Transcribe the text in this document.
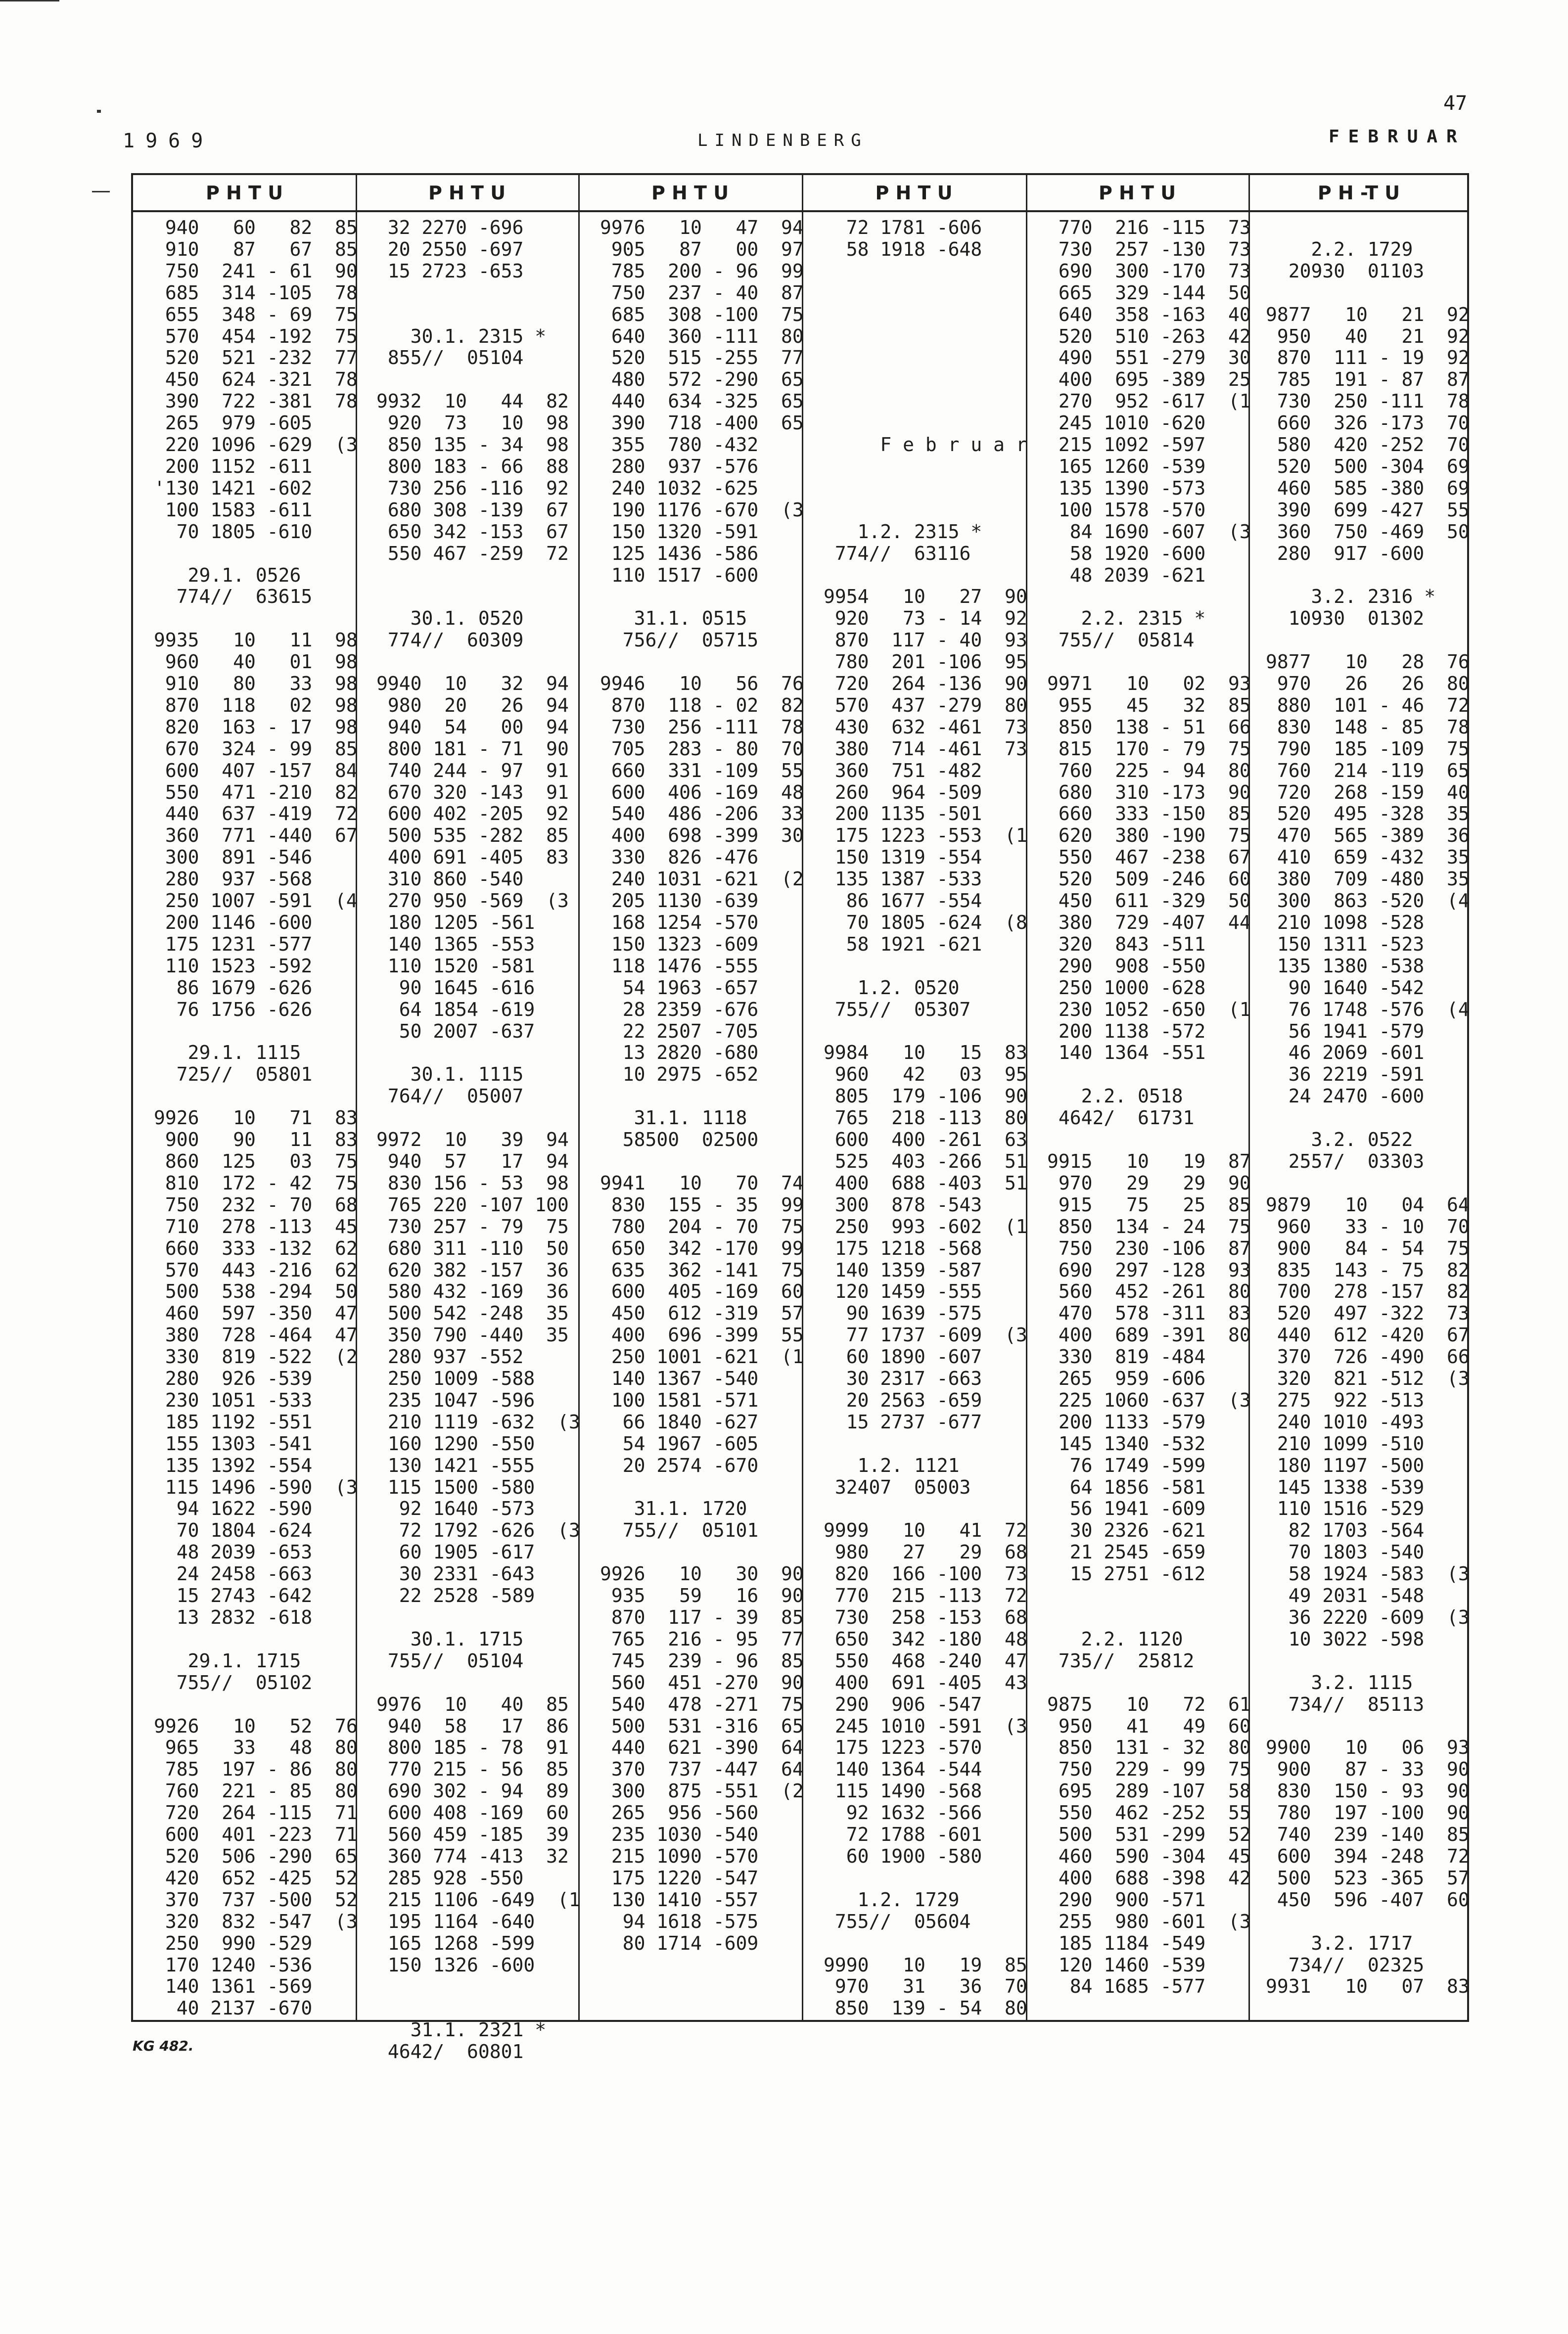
47
1969	LINDENBERG	FEBRUAR
P H T U	P H T U	P H T U	P H T U	P H T U	P H -T U
940   60   82  85
910   87   67  85
750  241 - 61  90
685  314 -105  78
655  348 - 69  75
570  454 -192  75
520  521 -232  77
450  624 -321  78
390  722 -381  78
265  979 -605
220 1096 -629  (3
200 1152 -611
'130 1421 -602
100 1583 -611
70 1805 -610

29.1. 0526
774//  63615

9935   10   11  98
960   40   01  98
910   80   33  98
870  118   02  98
820  163 - 17  98
670  324 - 99  85
600  407 -157  84
550  471 -210  82
440  637 -419  72
360  771 -440  67
300  891 -546
280  937 -568
250 1007 -591  (4
200 1146 -600
175 1231 -577
110 1523 -592
86 1679 -626
76 1756 -626

29.1. 1115
725//  05801

9926   10   71  83
900   90   11  83
860  125   03  75
810  172 - 42  75
750  232 - 70  68
710  278 -113  45
660  333 -132  62
570  443 -216  62
500  538 -294  50
460  597 -350  47
380  728 -464  47
330  819 -522  (2
280  926 -539
230 1051 -533
185 1192 -551
155 1303 -541
135 1392 -554
115 1496 -590  (3
94 1622 -590
70 1804 -624
48 2039 -653
24 2458 -663
15 2743 -642
13 2832 -618

29.1. 1715
755//  05102

9926   10   52  76
965   33   48  80
785  197 - 86  80
760  221 - 85  80
720  264 -115  71
600  401 -223  71
520  506 -290  65
420  652 -425  52
370  737 -500  52
320  832 -547  (3
250  990 -529
170 1240 -536
140 1361 -569
40 2137 -670
32 2270 -696
20 2550 -697
15 2723 -653

30.1. 2315 *
855//  05104

9932  10   44  82
920  73   10  98
850 135 - 34  98
800 183 - 66  88
730 256 -116  92
680 308 -139  67
650 342 -153  67
550 467 -259  72

30.1. 0520
774//  60309

9940  10   32  94
980  20   26  94
940  54   00  94
800 181 - 71  90
740 244 - 97  91
670 320 -143  91
600 402 -205  92
500 535 -282  85
400 691 -405  83
310 860 -540
270 950 -569  (3
180 1205 -561
140 1365 -553
110 1520 -581
90 1645 -616
64 1854 -619
50 2007 -637

30.1. 1115
764//  05007

9972  10   39  94
940  57   17  94
830 156 - 53  98
765 220 -107 100
730 257 - 79  75
680 311 -110  50
620 382 -157  36
580 432 -169  36
500 542 -248  35
350 790 -440  35
280 937 -552
250 1009 -588
235 1047 -596
210 1119 -632  (3
160 1290 -550
130 1421 -555
115 1500 -580
92 1640 -573
72 1792 -626  (3
60 1905 -617
30 2331 -643
22 2528 -589

30.1. 1715
755//  05104

9976  10   40  85
940  58   17  86
800 185 - 78  91
770 215 - 56  85
690 302 - 94  89
600 408 -169  60
560 459 -185  39
360 774 -413  32
285 928 -550
215 1106 -649  (1
195 1164 -640
165 1268 -599
150 1326 -600

31.1. 2321 *
4642/  60801
9976   10   47  94
905   87   00  97
785  200 - 96  99
750  237 - 40  87
685  308 -100  75
640  360 -111  80
520  515 -255  77
480  572 -290  65
440  634 -325  65
390  718 -400  65
355  780 -432
280  937 -576
240 1032 -625
190 1176 -670  (3
150 1320 -591
125 1436 -586
110 1517 -600

31.1. 0515
756//  05715

9946   10   56  76
870  118 - 02  82
730  256 -111  78
705  283 - 80  70
660  331 -109  55
600  406 -169  48
540  486 -206  33
400  698 -399  30
330  826 -476
240 1031 -621  (2
205 1130 -639
168 1254 -570
150 1323 -609
118 1476 -555
54 1963 -657
28 2359 -676
22 2507 -705
13 2820 -680
10 2975 -652

31.1. 1118
58500  02500

9941   10   70  74
830  155 - 35  99
780  204 - 70  75
650  342 -170  99
635  362 -141  75
600  405 -169  60
450  612 -319  57
400  696 -399  55
250 1001 -621  (1
140 1367 -540
100 1581 -571
66 1840 -627
54 1967 -605
20 2574 -670

31.1. 1720
755//  05101

9926   10   30  90
935   59   16  90
870  117 - 39  85
765  216 - 95  77
745  239 - 96  85
560  451 -270  90
540  478 -271  75
500  531 -316  65
440  621 -390  64
370  737 -447  64
300  875 -551  (2
265  956 -560
235 1030 -540
215 1090 -570
175 1220 -547
130 1410 -557
94 1618 -575
80 1714 -609
72 1781 -606
58 1918 -648

F e b r u a r

1.2. 2315 *
774//  63116

9954   10   27  90
920   73 - 14  92
870  117 - 40  93
780  201 -106  95
720  264 -136  90
570  437 -279  80
430  632 -461  73
380  714 -461  73
360  751 -482
260  964 -509
200 1135 -501
175 1223 -553  (1
150 1319 -554
135 1387 -533
86 1677 -554
70 1805 -624  (8
58 1921 -621

1.2. 0520
755//  05307

9984   10   15  83
960   42   03  95
805  179 -106  90
765  218 -113  80
600  400 -261  63
525  403 -266  51
400  688 -403  51
300  878 -543
250  993 -602  (1
175 1218 -568
140 1359 -587
120 1459 -555
90 1639 -575
77 1737 -609  (3
60 1890 -607
30 2317 -663
20 2563 -659
15 2737 -677

1.2. 1121
32407  05003

9999   10   41  72
980   27   29  68
820  166 -100  73
770  215 -113  72
730  258 -153  68
650  342 -180  48
550  468 -240  47
400  691 -405  43
290  906 -547
245 1010 -591  (3
175 1223 -570
140 1364 -544
115 1490 -568
92 1632 -566
72 1788 -601
60 1900 -580

1.2. 1729
755//  05604

9990   10   19  85
970   31   36  70
850  139 - 54  80
770  216 -115  73
730  257 -130  73
690  300 -170  73
665  329 -144  50
640  358 -163  40
520  510 -263  42
490  551 -279  30
400  695 -389  25
270  952 -617  (1
245 1010 -620
215 1092 -597
165 1260 -539
135 1390 -573
100 1578 -570
84 1690 -607  (3
58 1920 -600
48 2039 -621

2.2. 2315 *
755//  05814

9971   10   02  93
955   45   32  85
850  138 - 51  66
815  170 - 79  75
760  225 - 94  80
680  310 -173  90
660  333 -150  85
620  380 -190  75
550  467 -238  67
520  509 -246  60
450  611 -329  50
380  729 -407  44
320  843 -511
290  908 -550
250 1000 -628
230 1052 -650  (1
200 1138 -572
140 1364 -551

2.2. 0518
4642/  61731

9915   10   19  87
970   29   29  90
915   75   25  85
850  134 - 24  75
750  230 -106  87
690  297 -128  93
560  452 -261  80
470  578 -311  83
400  689 -391  80
330  819 -484
265  959 -606
225 1060 -637  (3
200 1133 -579
145 1340 -532
76 1749 -599
64 1856 -581
56 1941 -609
30 2326 -621
21 2545 -659
15 2751 -612

2.2. 1120
735//  25812

9875   10   72  61
950   41   49  60
850  131 - 32  80
750  229 - 99  75
695  289 -107  58
550  462 -252  55
500  531 -299  52
460  590 -304  45
400  688 -398  42
290  900 -571
255  980 -601  (3
185 1184 -549
120 1460 -539
84 1685 -577

2.2. 1729
20930  01103

9877   10   21  92
950   40   21  92
870  111 - 19  92
785  191 - 87  87
730  250 -111  78
660  326 -173  70
580  420 -252  70
520  500 -304  69
460  585 -380  69
390  699 -427  55
360  750 -469  50
280  917 -600

3.2. 2316 *
10930  01302

9877   10   28  76
970   26   26  80
880  101 - 46  72
830  148 - 85  78
790  185 -109  75
760  214 -119  65
720  268 -159  40
520  495 -328  35
470  565 -389  36
410  659 -432  35
380  709 -480  35
300  863 -520  (4
210 1098 -528
150 1311 -523
135 1380 -538
90 1640 -542
76 1748 -576  (4
56 1941 -579
46 2069 -601
36 2219 -591
24 2470 -600

3.2. 0522
2557/  03303

9879   10   04  64
960   33 - 10  70
900   84 - 54  75
835  143 - 75  82
700  278 -157  82
520  497 -322  73
440  612 -420  67
370  726 -490  66
320  821 -512  (3
275  922 -513
240 1010 -493
210 1099 -510
180 1197 -500
145 1338 -539
110 1516 -529
82 1703 -564
70 1803 -540
58 1924 -583  (3
49 2031 -548
36 2220 -609  (3
10 3022 -598

3.2. 1115
734//  85113

9900   10   06  93
900   87 - 33  90
830  150 - 93  90
780  197 -100  90
740  239 -140  85
600  394 -248  72
500  523 -365  57
450  596 -407  60

3.2. 1717
734//  02325
9931   10   07  83
KG 482.
